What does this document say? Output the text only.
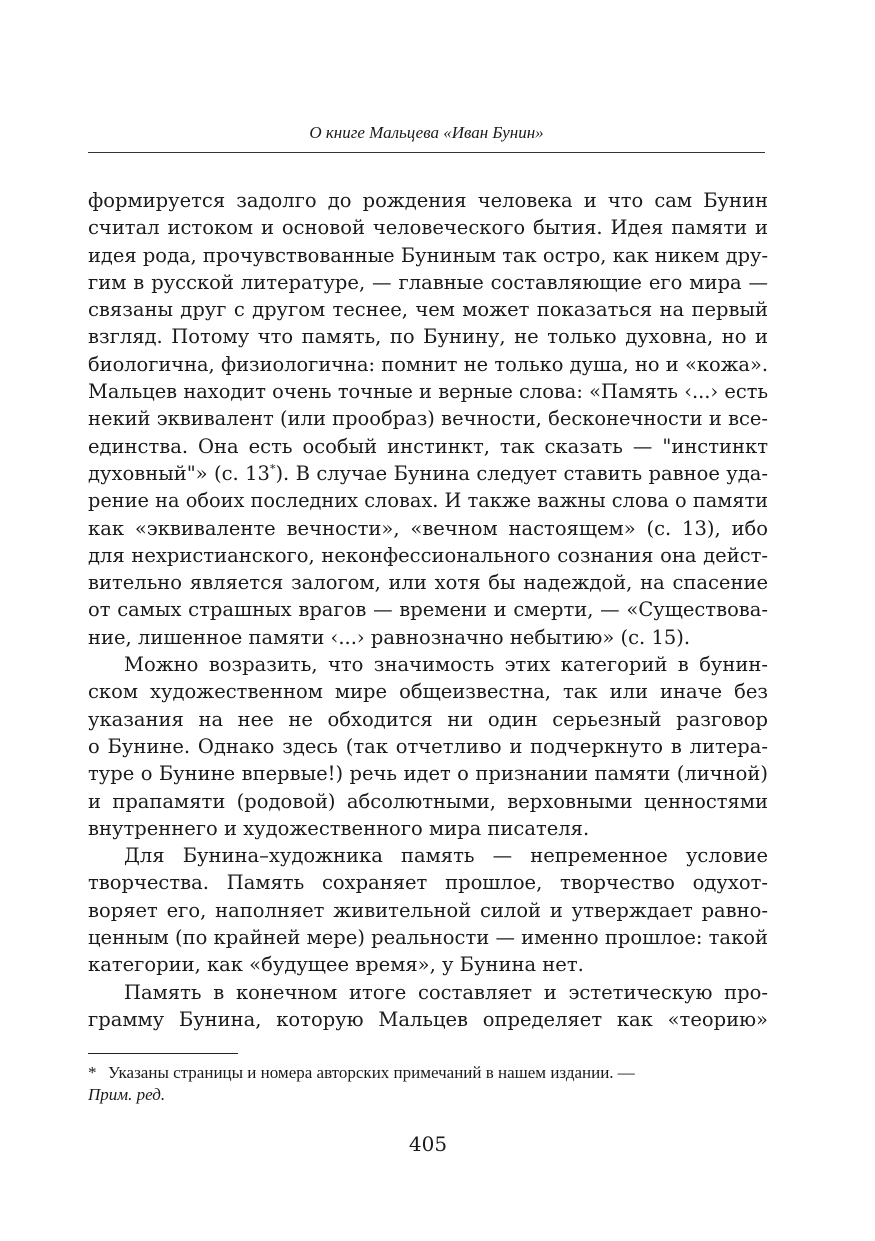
О книге Мальцева «Иван Бунин»
формируется задолго до рождения человека и что сам Бунин
считал истоком и основой человеческого бытия. Идея памяти и
идея рода, прочувствованные Буниным так остро, как никем дру-
гим в русской литературе, — главные составляющие его мира —
связаны друг с другом теснее, чем может показаться на первый
взгляд. Потому что память, по Бунину, не только духовна, но и
биологична, физиологична: помнит не только душа, но и «кожа».
Мальцев находит очень точные и верные слова: «Память ‹...› есть
некий эквивалент (или прообраз) вечности, бесконечности и все-
единства. Она есть особый инстинкт, так сказать — "инстинкт
духовный"» (с. 13*). В случае Бунина следует ставить равное уда-
рение на обоих последних словах. И также важны слова о памяти
как «эквиваленте вечности», «вечном настоящем» (с. 13), ибо
для нехристианского, неконфессионального сознания она дейст-
вительно является залогом, или хотя бы надеждой, на спасение
от самых страшных врагов — времени и смерти, — «Существова-
ние, лишенное памяти ‹...› равнозначно небытию» (с. 15).
Можно возразить, что значимость этих категорий в бунин-
ском художественном мире общеизвестна, так или иначе без
указания на нее не обходится ни один серьезный разговор
о Бунине. Однако здесь (так отчетливо и подчеркнуто в литера-
туре о Бунине впервые!) речь идет о признании памяти (личной)
и прапамяти (родовой) абсолютными, верховными ценностями
внутреннего и художественного мира писателя.
Для Бунина–художника память — непременное условие
творчества. Память сохраняет прошлое, творчество одухот-
воряет его, наполняет живительной силой и утверждает равно-
ценным (по крайней мере) реальности — именно прошлое: такой
категории, как «будущее время», у Бунина нет.
Память в конечном итоге составляет и эстетическую про-
грамму Бунина, которую Мальцев определяет как «теорию»
* Указаны страницы и номера авторских примечаний в нашем издании. —
Прим. ред.
405
